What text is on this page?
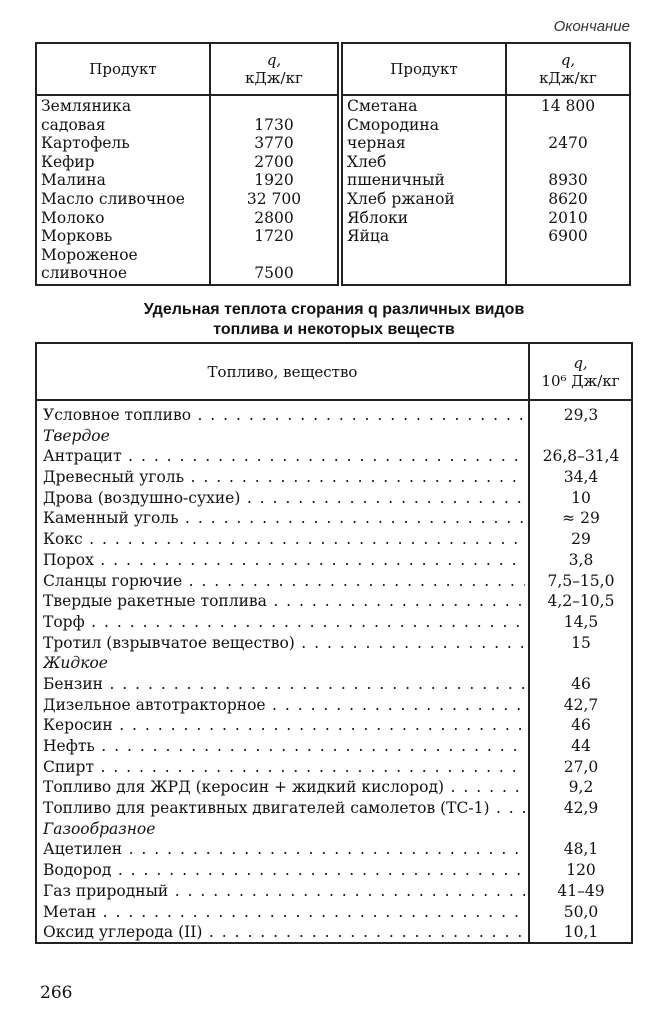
Окончание
Продукт	q,
кДж/кг
Земляника
садовая	1730
Картофель	3770
Кефир	2700
Малина	1920
Масло сливочное	32 700
Молоко	2800
Морковь	1720
Мороженое
сливочное	7500
Продукт	q,
кДж/кг
Сметана	14 800
Смородина
черная	2470
Хлеб
пшеничный	8930
Хлеб ржаной	8620
Яблоки	2010
Яйца	6900
Удельная теплота сгорания q различных видов
топлива и некоторых веществ
Топливо, вещество	q,
10⁶ Дж/кг
Условное топливо . . .	29,3
Твердое
Антрацит . . .	26,8–31,4
Древесный уголь . . .	34,4
Дрова (воздушно-сухие) . . .	10
Каменный уголь . . .	≈ 29
Кокс . . .	29
Порох . . .	3,8
Сланцы горючие . . .	7,5–15,0
Твердые ракетные топлива . . .	4,2–10,5
Торф . . .	14,5
Тротил (взрывчатое вещество) . . .	15
Жидкое
Бензин . . .	46
Дизельное автотракторное . . .	42,7
Керосин . . .	46
Нефть . . .	44
Спирт . . .	27,0
Топливо для ЖРД (керосин + жидкий кислород) . . .	9,2
Топливо для реактивных двигателей самолетов (ТС-1) . . .	42,9
Газообразное
Ацетилен . . .	48,1
Водород . . .	120
Газ природный . . .	41–49
Метан . . .	50,0
Оксид углерода (II) . . .	10,1
266
